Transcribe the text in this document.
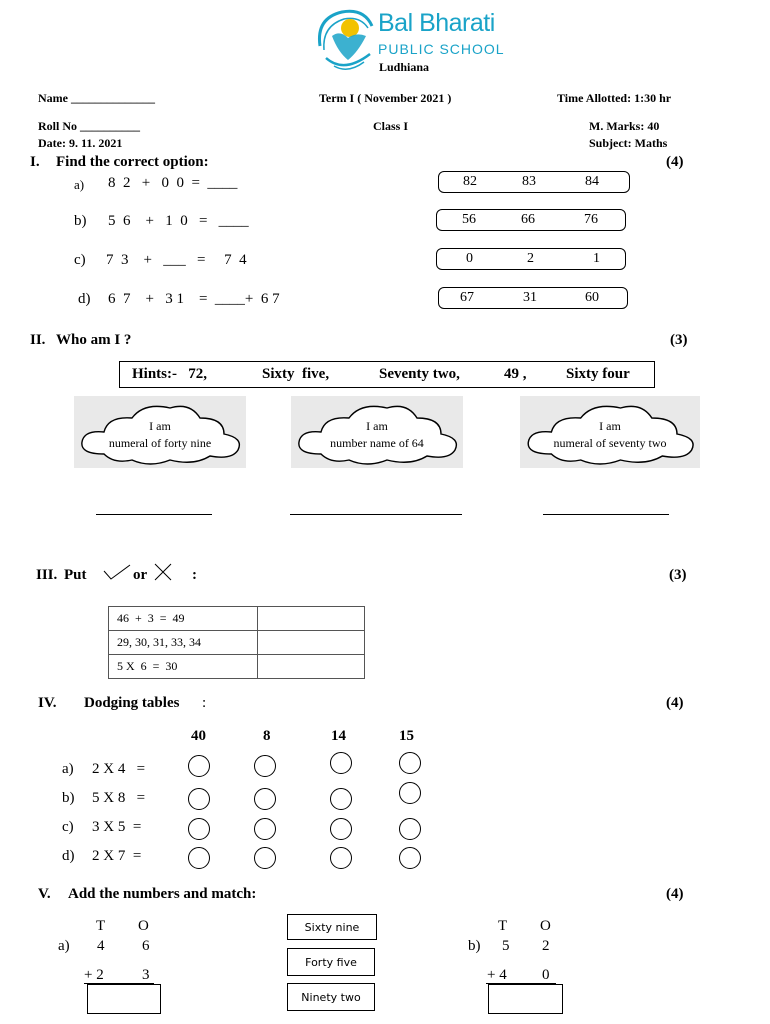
Bal Bharati
PUBLIC SCHOOL
Ludhiana
Name ______________	Term I ( November 2021 )	Time Allotted: 1:30 hr
Roll No __________	Class I	M. Marks: 40
Date: 9. 11. 2021	Subject: Maths
I. Find the correct option:	(4)
a) 8  2   +   0  0  =  ____	82	83	84
b) 5  6    +   1  0   =   ____	56	66	76
c) 7  3    +   ___   =     7  4	0	2	1
d) 6  7    +   3 1    =  ____+  6 7	67	31	60
II. Who am I ?	(3)
Hints:-   72,	Sixty  five,	Seventy two,	49 ,	Sixty four
I am
numeral of forty nine
I am
number name of 64
I am
numeral of seventy two
III. Put	or	:	(3)
46  +  3  =  49	
29, 30, 31, 33, 34	
5 X  6  =  30	
IV. Dodging tables :	(4)
40	8	14	15
a) 2 X 4   =
b) 5 X 8   =
c) 3 X 5  =
d) 2 X 7  =
V. Add the numbers and match:	(4)
T O
a) 4	6
+ 2	3
Sixty nine
Forty five
Ninety two
T O
b) 5 2
+ 4 0
